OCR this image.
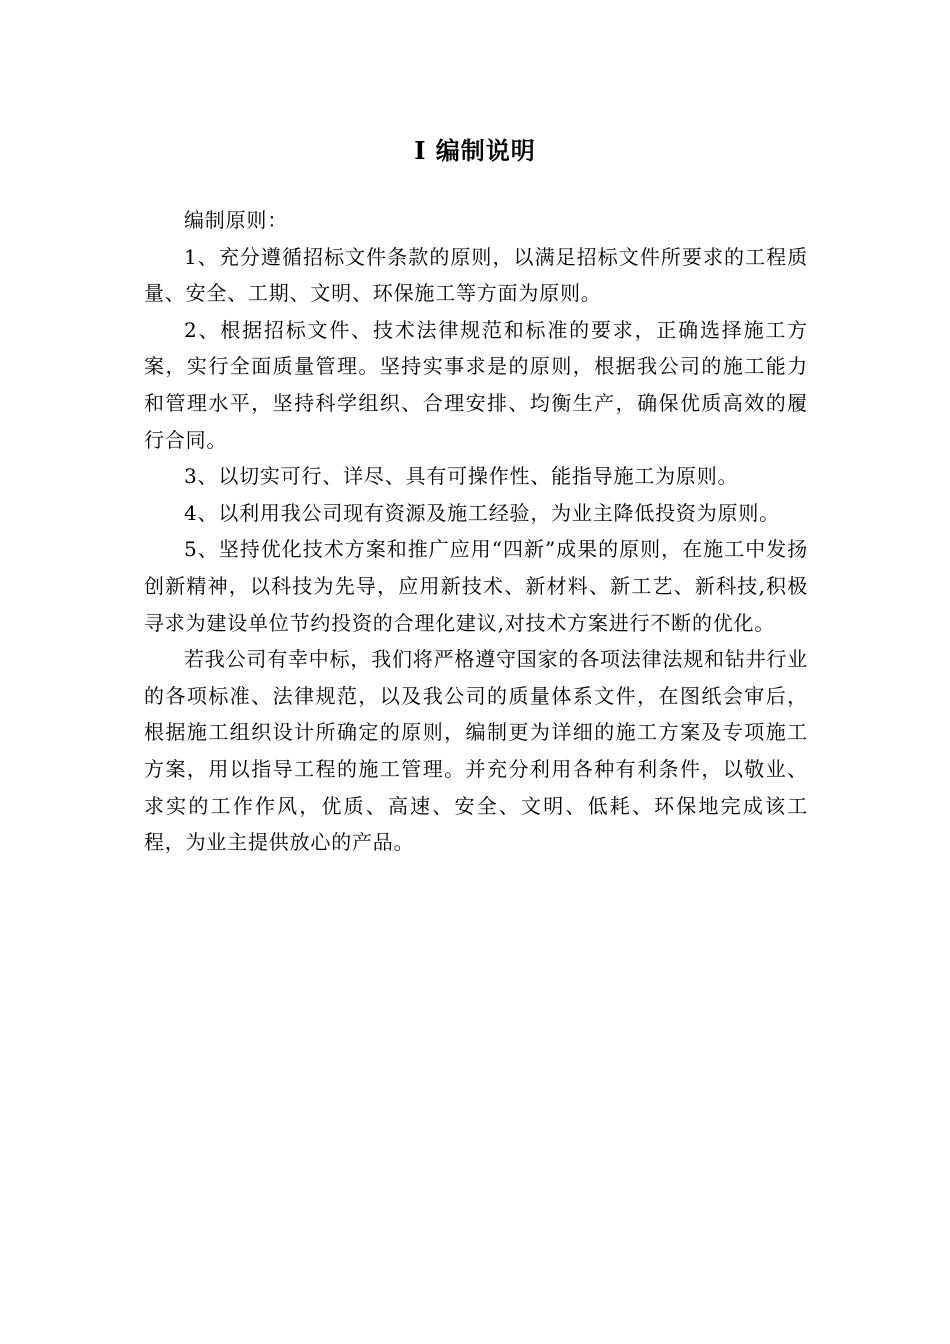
I 编制说明

编制原则：

1、充分遵循招标文件条款的原则，以满足招标文件所要求的工程质量、安全、工期、文明、环保施工等方面为原则。

2、根据招标文件、技术法律规范和标准的要求，正确选择施工方案，实行全面质量管理。坚持实事求是的原则，根据我公司的施工能力和管理水平，坚持科学组织、合理安排、均衡生产，确保优质高效的履行合同。

3、以切实可行、详尽、具有可操作性、能指导施工为原则。

4、以利用我公司现有资源及施工经验，为业主降低投资为原则。

5、坚持优化技术方案和推广应用“四新”成果的原则，在施工中发扬创新精神，以科技为先导，应用新技术、新材料、新工艺、新科技,积极寻求为建设单位节约投资的合理化建议,对技术方案进行不断的优化。

若我公司有幸中标，我们将严格遵守国家的各项法律法规和钻井行业的各项标准、法律规范，以及我公司的质量体系文件，在图纸会审后，根据施工组织设计所确定的原则，编制更为详细的施工方案及专项施工方案，用以指导工程的施工管理。并充分利用各种有利条件，以敬业、求实的工作作风，优质、高速、安全、文明、低耗、环保地完成该工程，为业主提供放心的产品。
